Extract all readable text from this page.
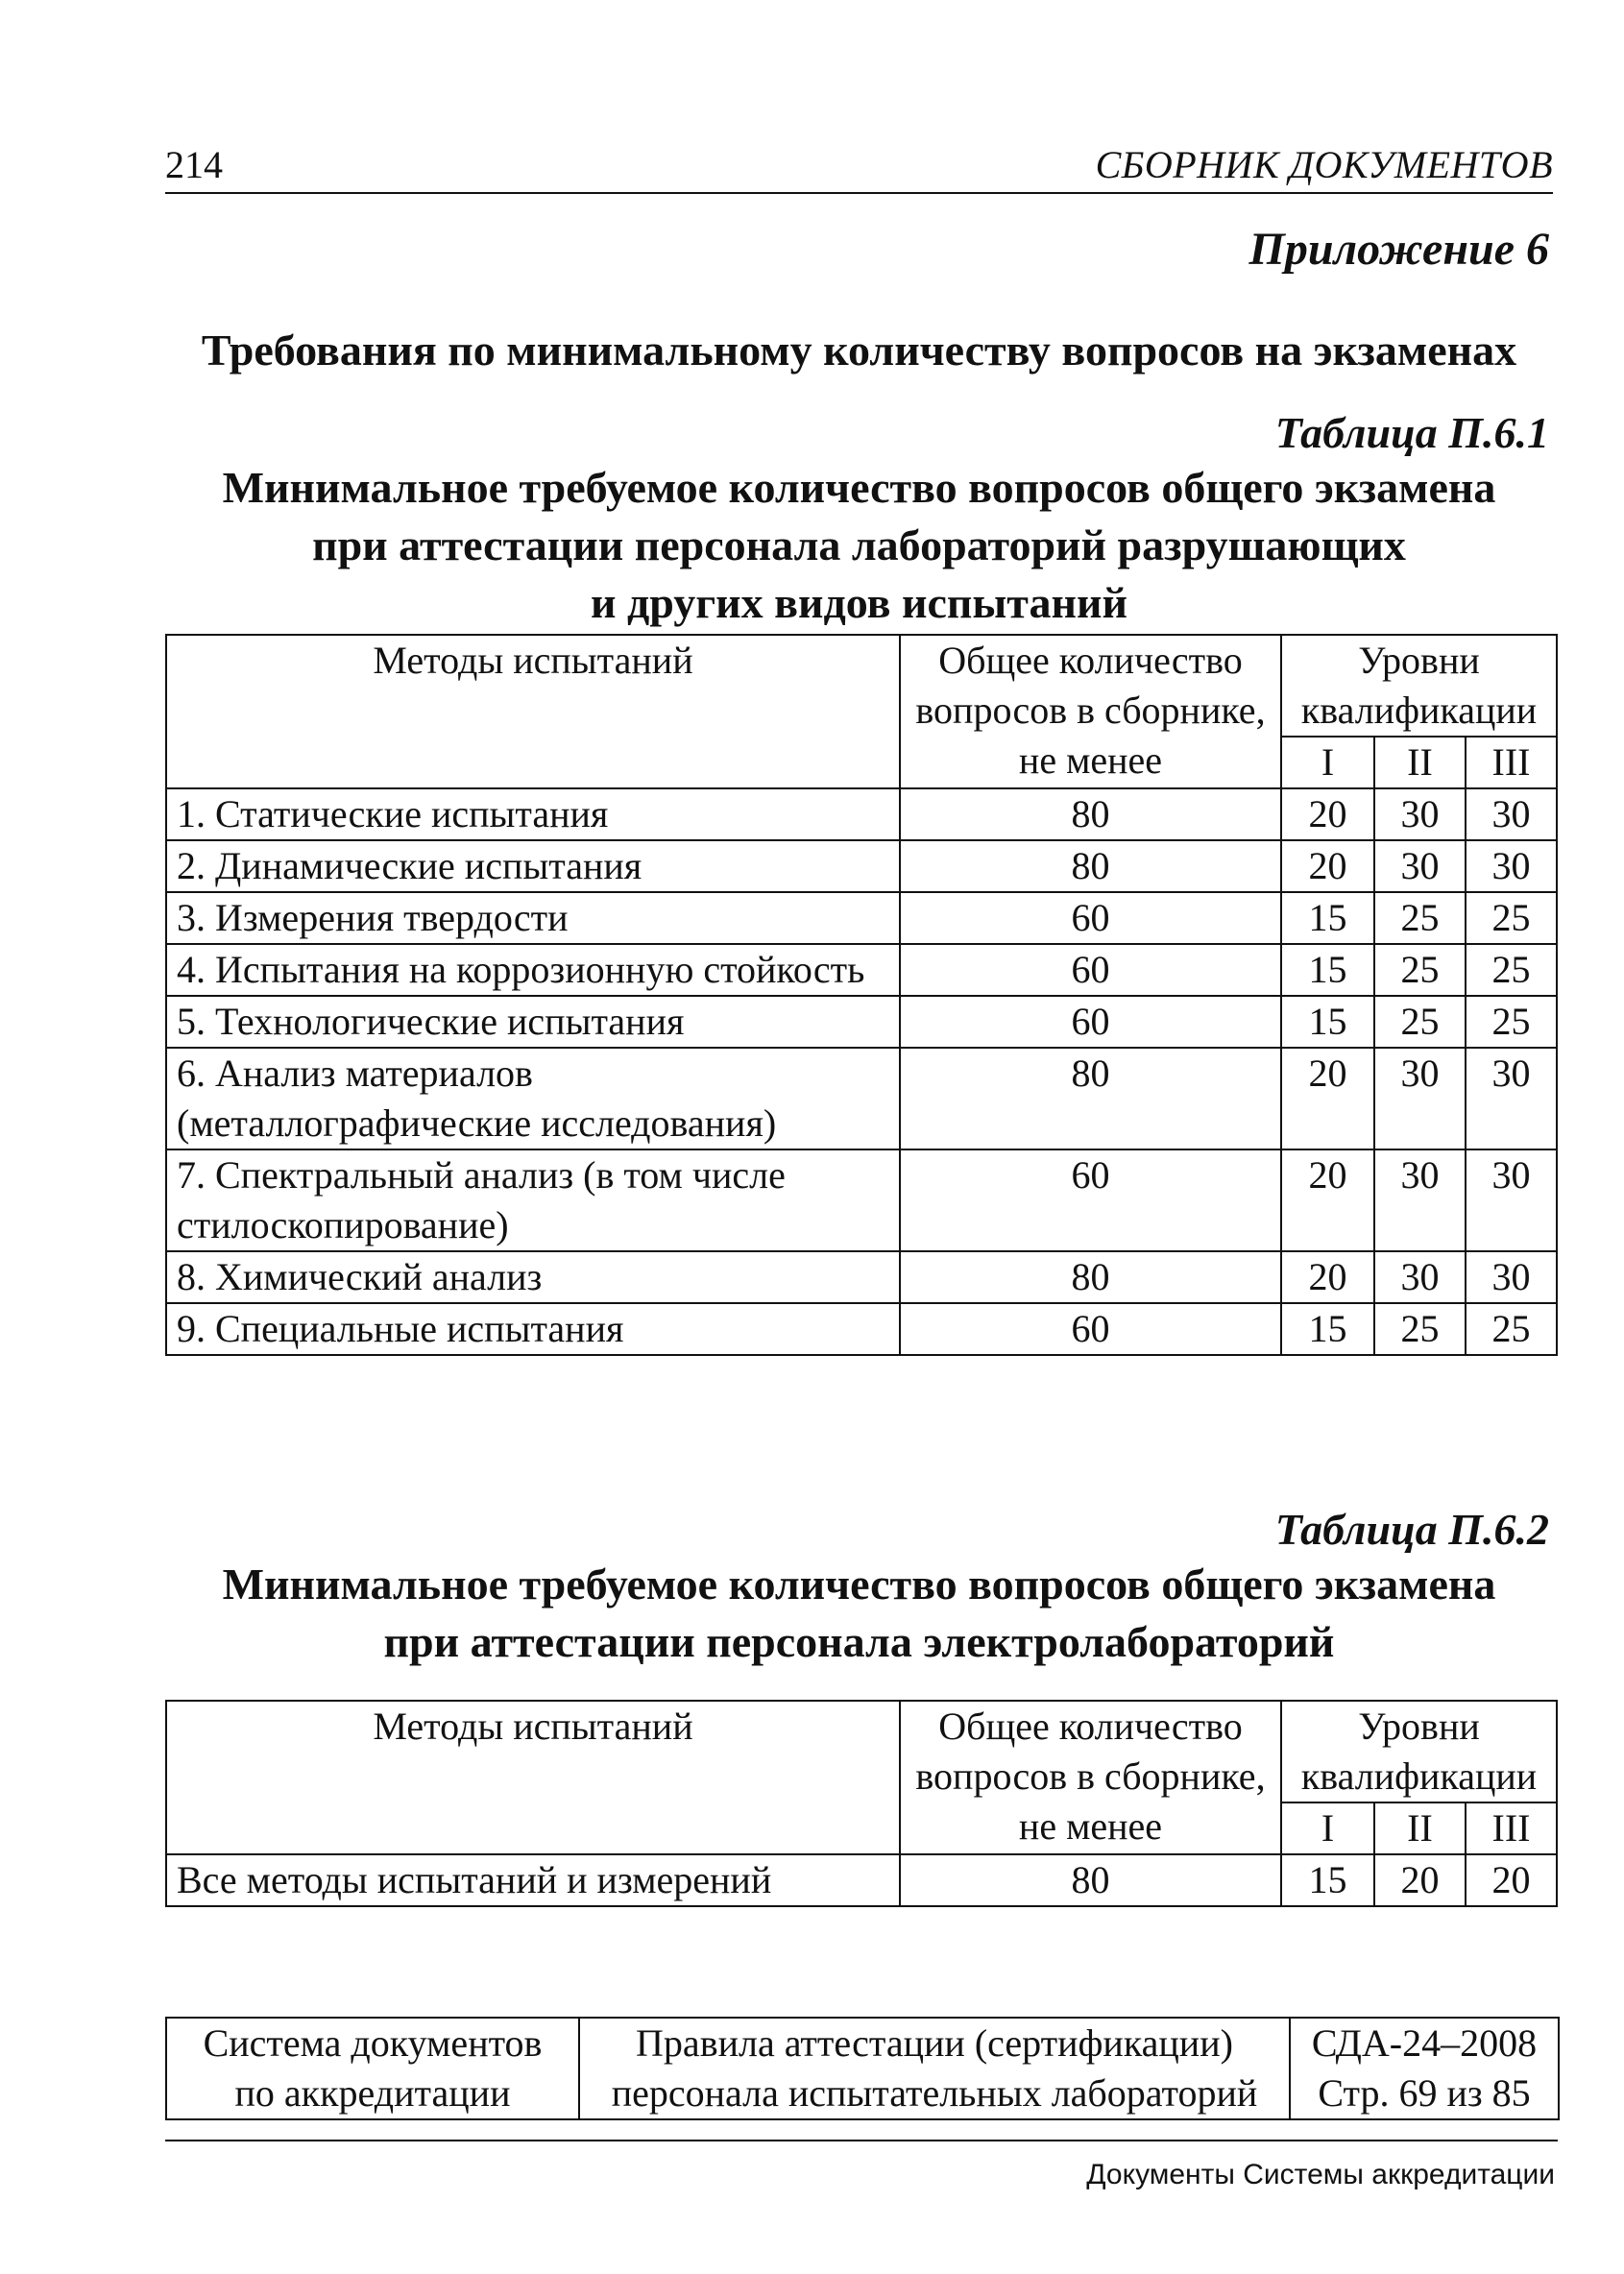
214	СБОРНИК ДОКУМЕНТОВ
Приложение 6
Требования по минимальному количеству вопросов на экзаменах
Таблица П.6.1
Минимальное требуемое количество вопросов общего экзамена
при аттестации персонала лабораторий разрушающих
и других видов испытаний
Методы испытаний	Общее количество вопросов в сборнике, не менее	Уровни квалификации		
		I	II	III
1. Статические испытания	80	20	30	30
2. Динамические испытания	80	20	30	30
3. Измерения твердости	60	15	25	25
4. Испытания на коррозионную стойкость	60	15	25	25
5. Технологические испытания	60	15	25	25
6. Анализ материалов (металлографические исследования)	80	20	30	30
7. Спектральный анализ (в том числе стилоскопирование)	60	20	30	30
8. Химический анализ	80	20	30	30
9. Специальные испытания	60	15	25	25
Таблица П.6.2
Минимальное требуемое количество вопросов общего экзамена
при аттестации персонала электролабораторий
Методы испытаний	Общее количество вопросов в сборнике, не менее	Уровни квалификации		
		I	II	III
Все методы испытаний и измерений	80	15	20	20
Система документов
по аккредитации

Правила аттестации (сертификации)
персонала испытательных лабораторий

СДА-24–2008
Стр. 69 из 85
Документы Системы аккредитации
